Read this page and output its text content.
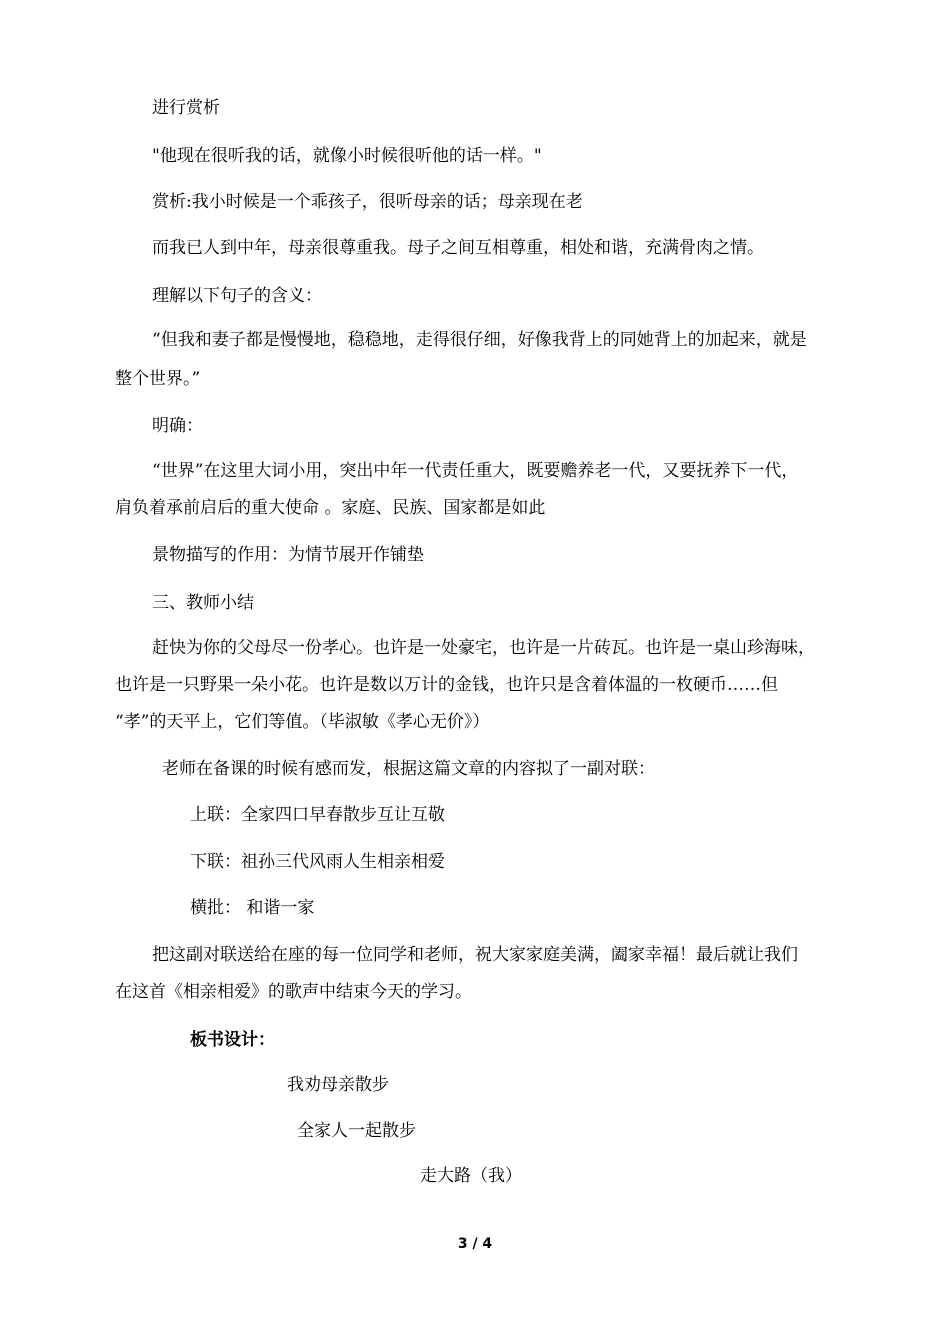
进行赏析
"他现在很听我的话，就像小时候很听他的话一样。"
赏析:我小时候是一个乖孩子，很听母亲的话；母亲现在老
而我已人到中年，母亲很尊重我。母子之间互相尊重，相处和谐，充满骨肉之情。
理解以下句子的含义：
“但我和妻子都是慢慢地，稳稳地，走得很仔细，好像我背上的同她背上的加起来，就是
整个世界。”
明确：
“世界”在这里大词小用，突出中年一代责任重大，既要赡养老一代，又要抚养下一代，
肩负着承前启后的重大使命 。家庭、民族、国家都是如此
景物描写的作用：为情节展开作铺垫
三、教师小结
赶快为你的父母尽一份孝心。也许是一处豪宅，也许是一片砖瓦。也许是一桌山珍海味，
也许是一只野果一朵小花。也许是数以万计的金钱，也许只是含着体温的一枚硬币……但
“孝”的天平上，它们等值。（毕淑敏《孝心无价》）
老师在备课的时候有感而发，根据这篇文章的内容拟了一副对联：
上联：全家四口早春散步互让互敬
下联：祖孙三代风雨人生相亲相爱
横批： 和谐一家
把这副对联送给在座的每一位同学和老师，祝大家家庭美满，阖家幸福！最后就让我们
在这首《相亲相爱》的歌声中结束今天的学习。
板书设计：
我劝母亲散步
全家人一起散步
走大路（我）
3 / 4
